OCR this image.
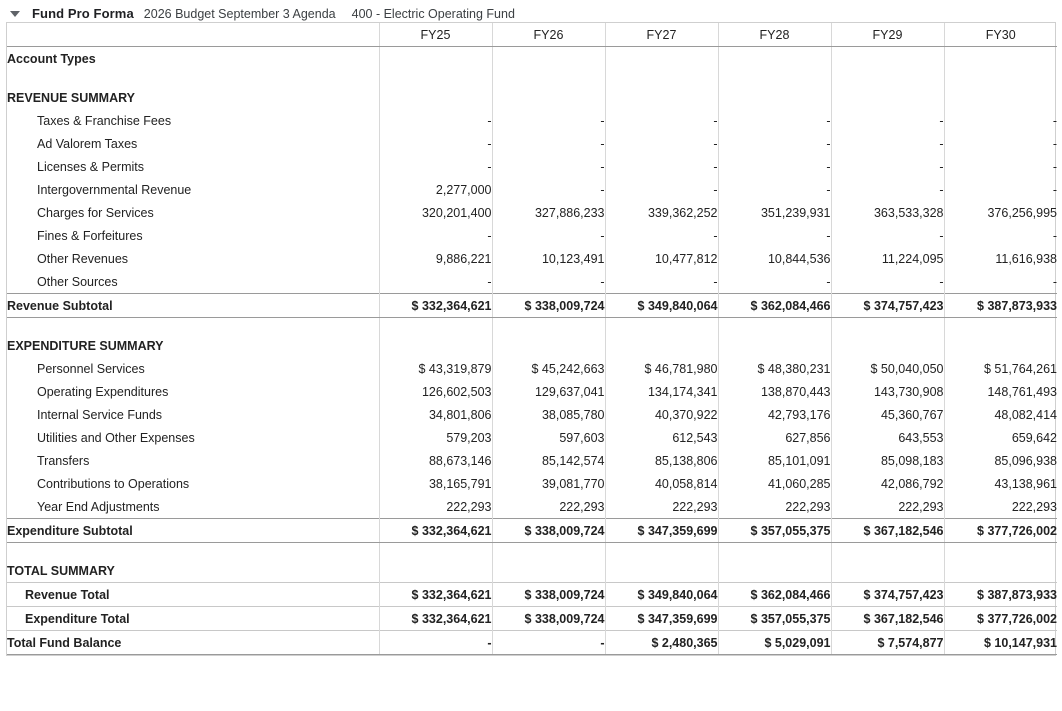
Fund Pro Forma 2026 Budget September 3 Agenda 400 - Electric Operating Fund
	FY25	FY26	FY27	FY28	FY29	FY30
Account Types						

REVENUE SUMMARY						
Taxes & Franchise Fees	-	-	-	-	-	-
Ad Valorem Taxes	-	-	-	-	-	-
Licenses & Permits	-	-	-	-	-	-
Intergovernmental Revenue	2,277,000	-	-	-	-	-
Charges for Services	320,201,400	327,886,233	339,362,252	351,239,931	363,533,328	376,256,995
Fines & Forfeitures	-	-	-	-	-	-
Other Revenues	9,886,221	10,123,491	10,477,812	10,844,536	11,224,095	11,616,938
Other Sources	-	-	-	-	-	-
Revenue Subtotal	$ 332,364,621	$ 338,009,724	$ 349,840,064	$ 362,084,466	$ 374,757,423	$ 387,873,933

EXPENDITURE SUMMARY						
Personnel Services	$ 43,319,879	$ 45,242,663	$ 46,781,980	$ 48,380,231	$ 50,040,050	$ 51,764,261
Operating Expenditures	126,602,503	129,637,041	134,174,341	138,870,443	143,730,908	148,761,493
Internal Service Funds	34,801,806	38,085,780	40,370,922	42,793,176	45,360,767	48,082,414
Utilities and Other Expenses	579,203	597,603	612,543	627,856	643,553	659,642
Transfers	88,673,146	85,142,574	85,138,806	85,101,091	85,098,183	85,096,938
Contributions to Operations	38,165,791	39,081,770	40,058,814	41,060,285	42,086,792	43,138,961
Year End Adjustments	222,293	222,293	222,293	222,293	222,293	222,293
Expenditure Subtotal	$ 332,364,621	$ 338,009,724	$ 347,359,699	$ 357,055,375	$ 367,182,546	$ 377,726,002

TOTAL SUMMARY						
Revenue Total	$ 332,364,621	$ 338,009,724	$ 349,840,064	$ 362,084,466	$ 374,757,423	$ 387,873,933
Expenditure Total	$ 332,364,621	$ 338,009,724	$ 347,359,699	$ 357,055,375	$ 367,182,546	$ 377,726,002
Total Fund Balance	-	-	$ 2,480,365	$ 5,029,091	$ 7,574,877	$ 10,147,931
